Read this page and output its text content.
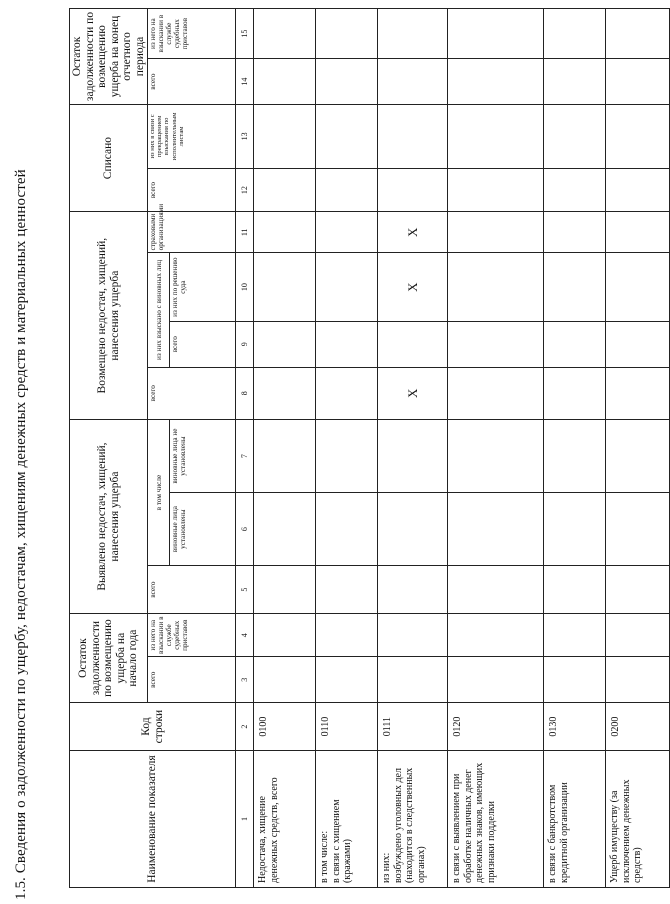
1.5. Сведения о задолженности по ущербу, недостачам, хищениям денежных средств и материальных ценностей	Наименование показателя	Код строки	Остаток задолженности по возмещению ущерба на начало года		Выявлено недостач, хищений, нанесения ущерба			Возмещено недостач, хищений, нанесения ущерба				Списано		Остаток задолженности по возмещению ущерба на конец отчетного периода	
		всего	из него на взыскании в службе судебных приставов	всего	в том числе		всего	из них взыскано с виновных лиц		страховыми организациями	всего	из них в связи с прекращением взыскания по исполнительным листам	всего	из него на взыскании в службе судебных приставов
					виновные лица установлены	виновные лица не установлены		всего	из них по решению суда					

1	2	3	4	5	6	7	8	9	10	11	12	13	14	15

Недостача, хищение денежных средств, всего	0100													

в том числе: в связи с хищением (кражами)	0110													

из них: возбуждено уголовных дел (находится в следственных органах)	0111						X		X	X				

в связи с выявлением при обработке наличных денег денежных знаков, имеющих признаки подделки	0120													

в связи с банкротством кредитной организации	0130													

Ущерб имуществу (за исключением денежных средств)	0200													
